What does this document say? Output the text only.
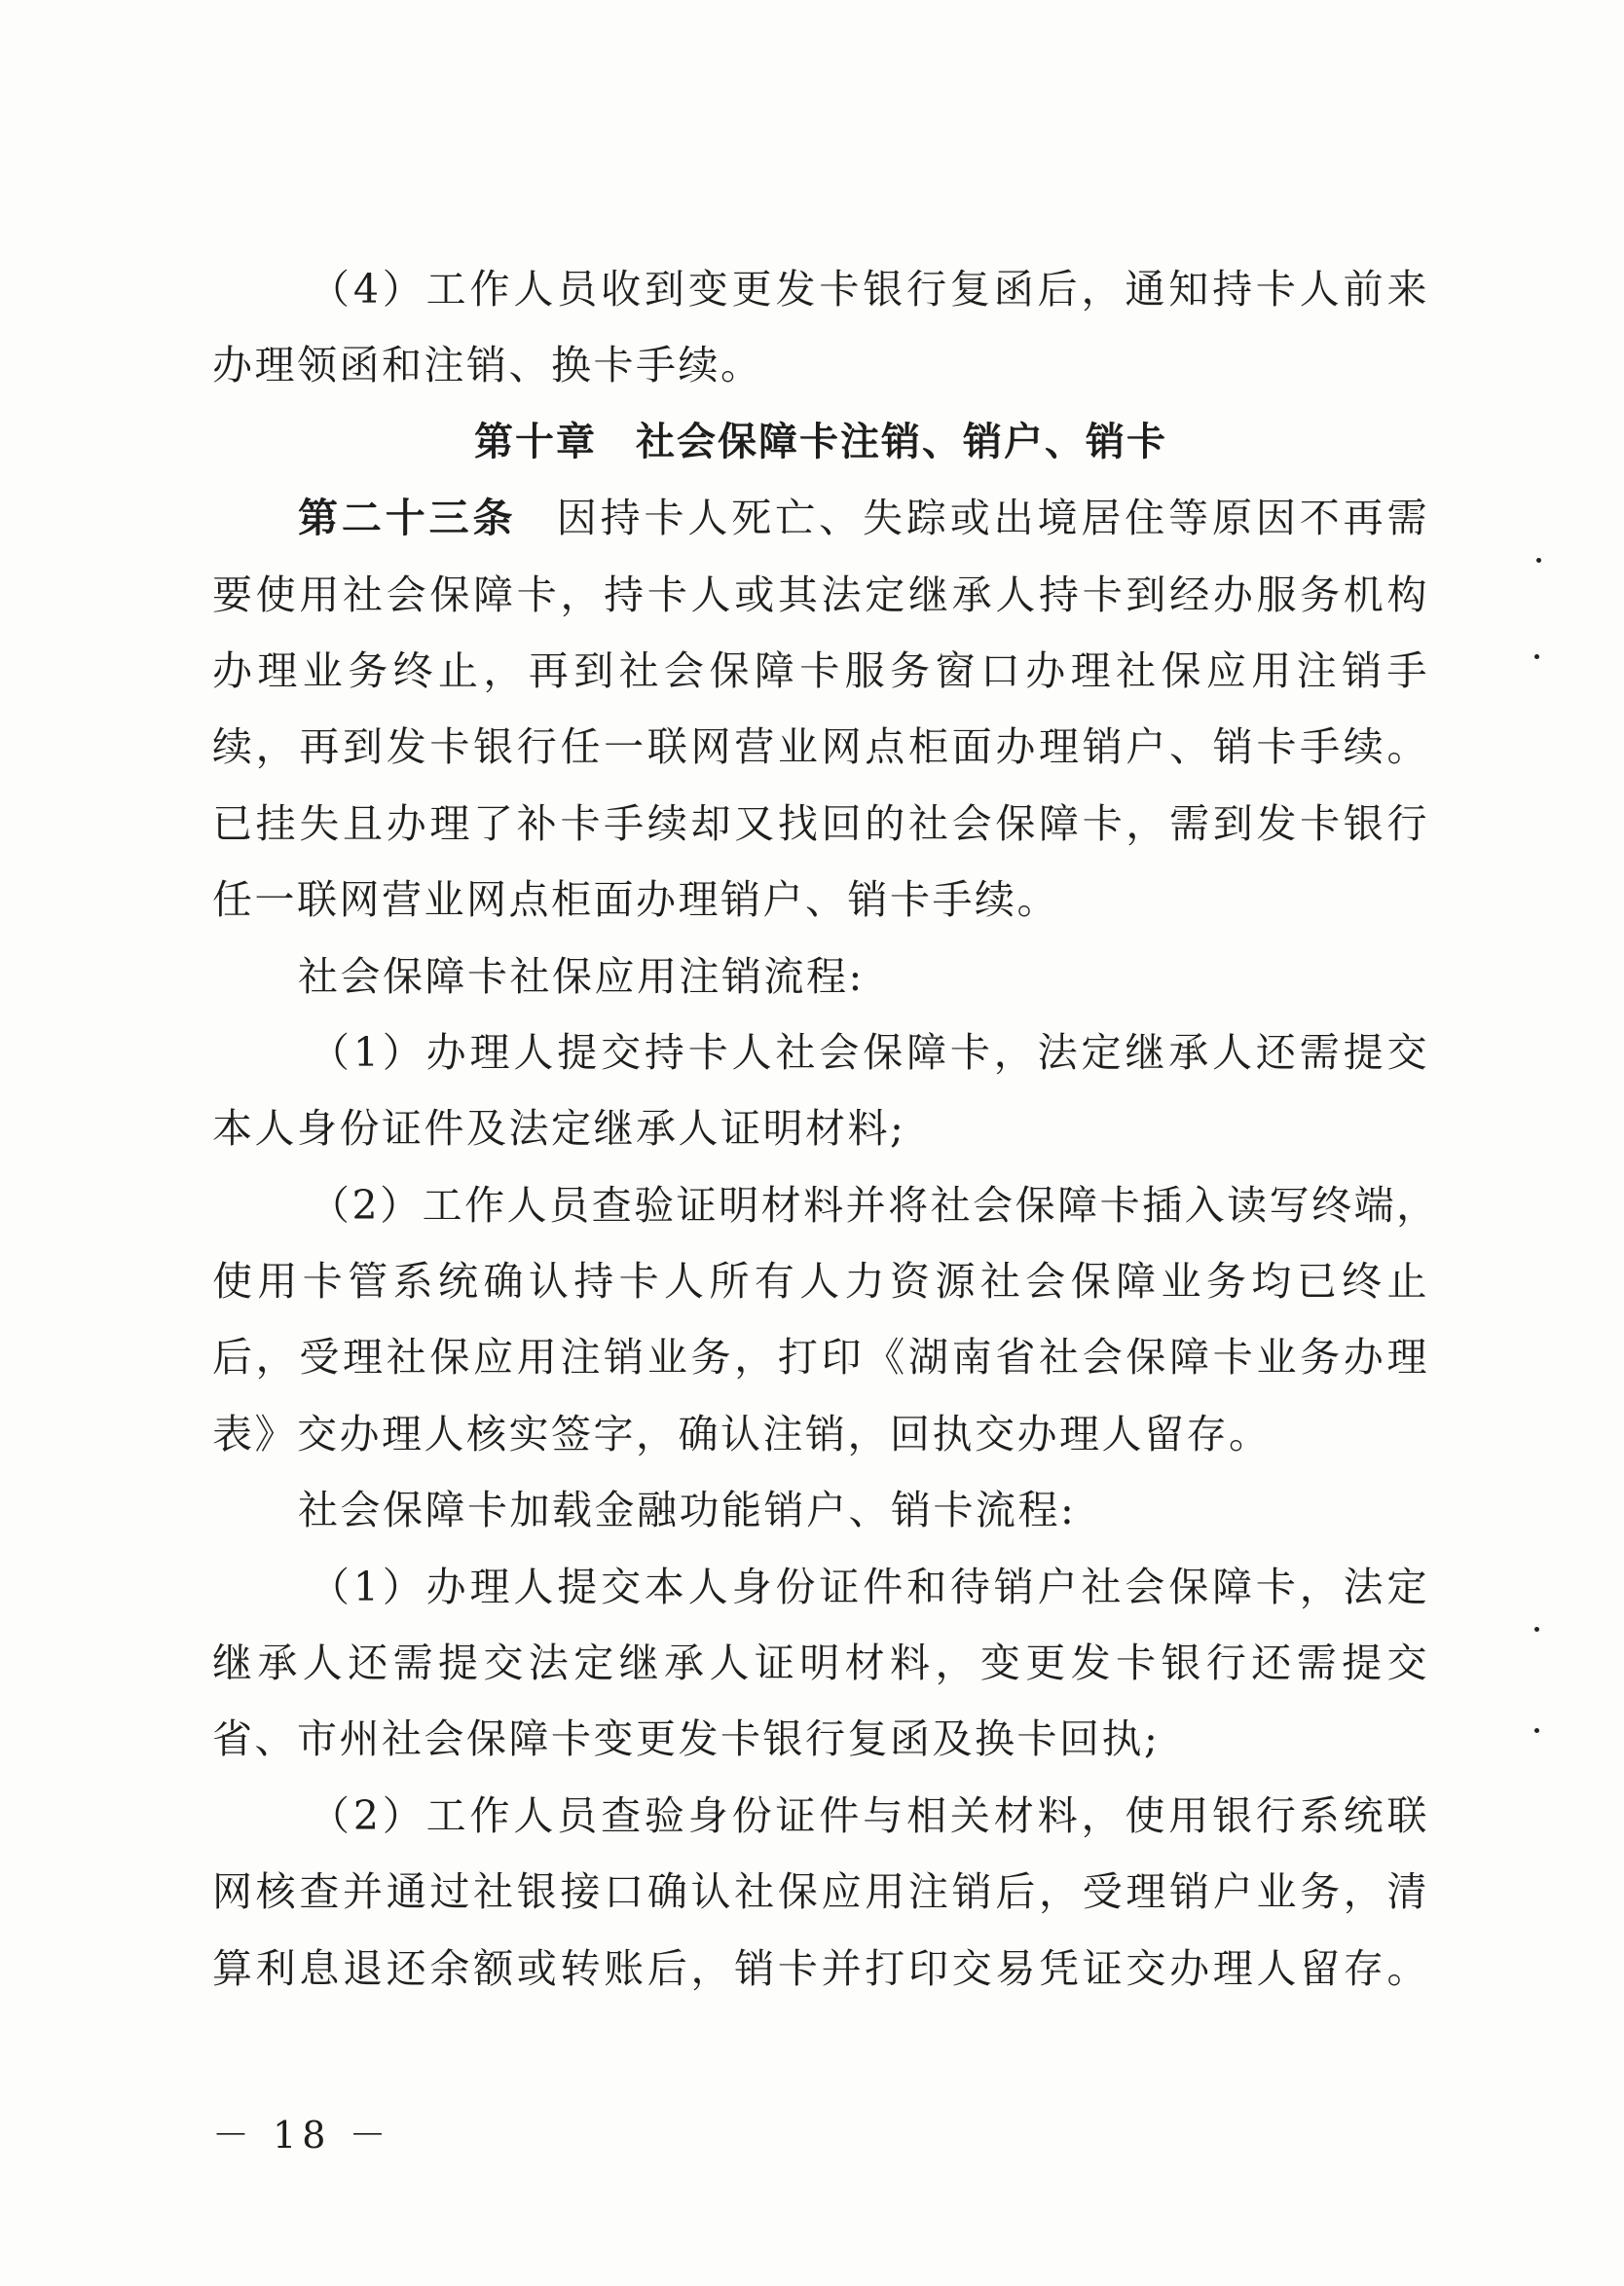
（4）工作人员收到变更发卡银行复函后，通知持卡人前来
办理领函和注销、换卡手续。
第十章 社会保障卡注销、销户、销卡
第二十三条 因持卡人死亡、失踪或出境居住等原因不再需
要使用社会保障卡，持卡人或其法定继承人持卡到经办服务机构
办理业务终止，再到社会保障卡服务窗口办理社保应用注销手
续，再到发卡银行任一联网营业网点柜面办理销户、销卡手续。
已挂失且办理了补卡手续却又找回的社会保障卡，需到发卡银行
任一联网营业网点柜面办理销户、销卡手续。
社会保障卡社保应用注销流程:
（1）办理人提交持卡人社会保障卡，法定继承人还需提交
本人身份证件及法定继承人证明材料;
（2）工作人员查验证明材料并将社会保障卡插入读写终端，
使用卡管系统确认持卡人所有人力资源社会保障业务均已终止
后，受理社保应用注销业务，打印《湖南省社会保障卡业务办理
表》交办理人核实签字，确认注销，回执交办理人留存。
社会保障卡加载金融功能销户、销卡流程:
（1）办理人提交本人身份证件和待销户社会保障卡，法定
继承人还需提交法定继承人证明材料，变更发卡银行还需提交
省、市州社会保障卡变更发卡银行复函及换卡回执;
（2）工作人员查验身份证件与相关材料，使用银行系统联
网核查并通过社银接口确认社保应用注销后，受理销户业务，清
算利息退还余额或转账后，销卡并打印交易凭证交办理人留存。
－ 18 －
